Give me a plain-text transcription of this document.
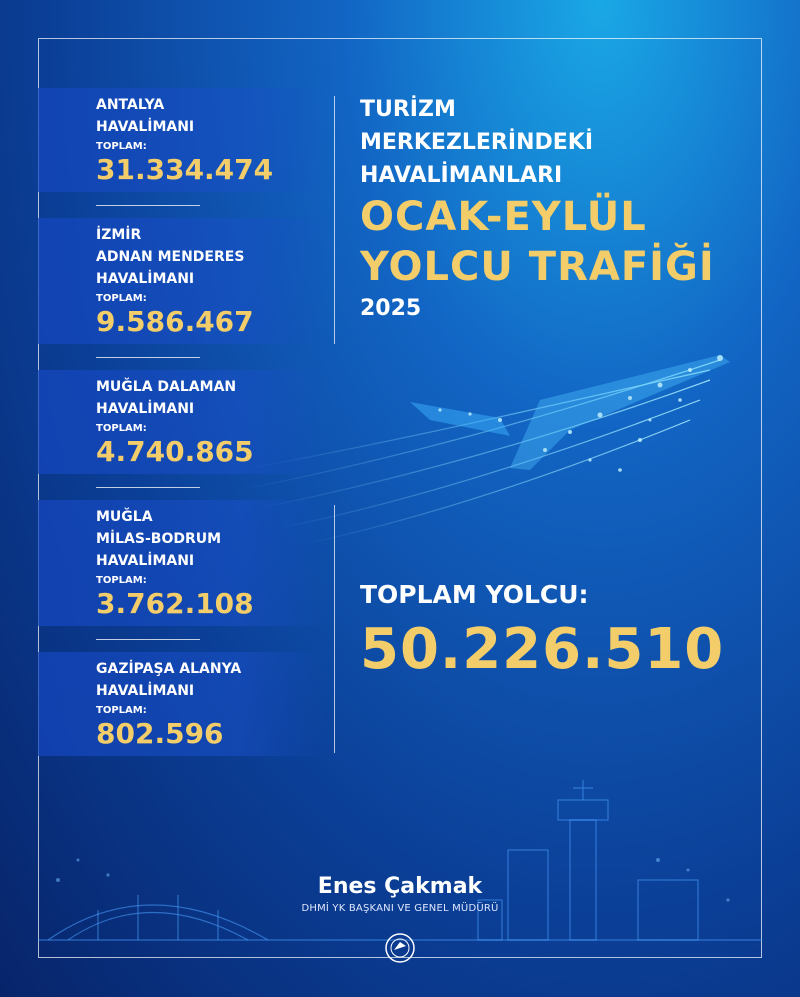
ANTALYA
HAVALİMANI
TOPLAM:
31.334.474
İZMİR
ADNAN MENDERES
HAVALİMANI
TOPLAM:
9.586.467
MUĞLA DALAMAN
HAVALİMANI
TOPLAM:
4.740.865
MUĞLA
MİLAS-BODRUM
HAVALİMANI
TOPLAM:
3.762.108
GAZİPAŞA ALANYA
HAVALİMANI
TOPLAM:
802.596
TURİZM
MERKEZLERİNDEKİ
HAVALİMANLARI
OCAK-EYLÜL
YOLCU TRAFİĞİ
2025
TOPLAM YOLCU:
50.226.510
Enes Çakmak
DHMİ YK BAŞKANI VE GENEL MÜDÜRÜ
